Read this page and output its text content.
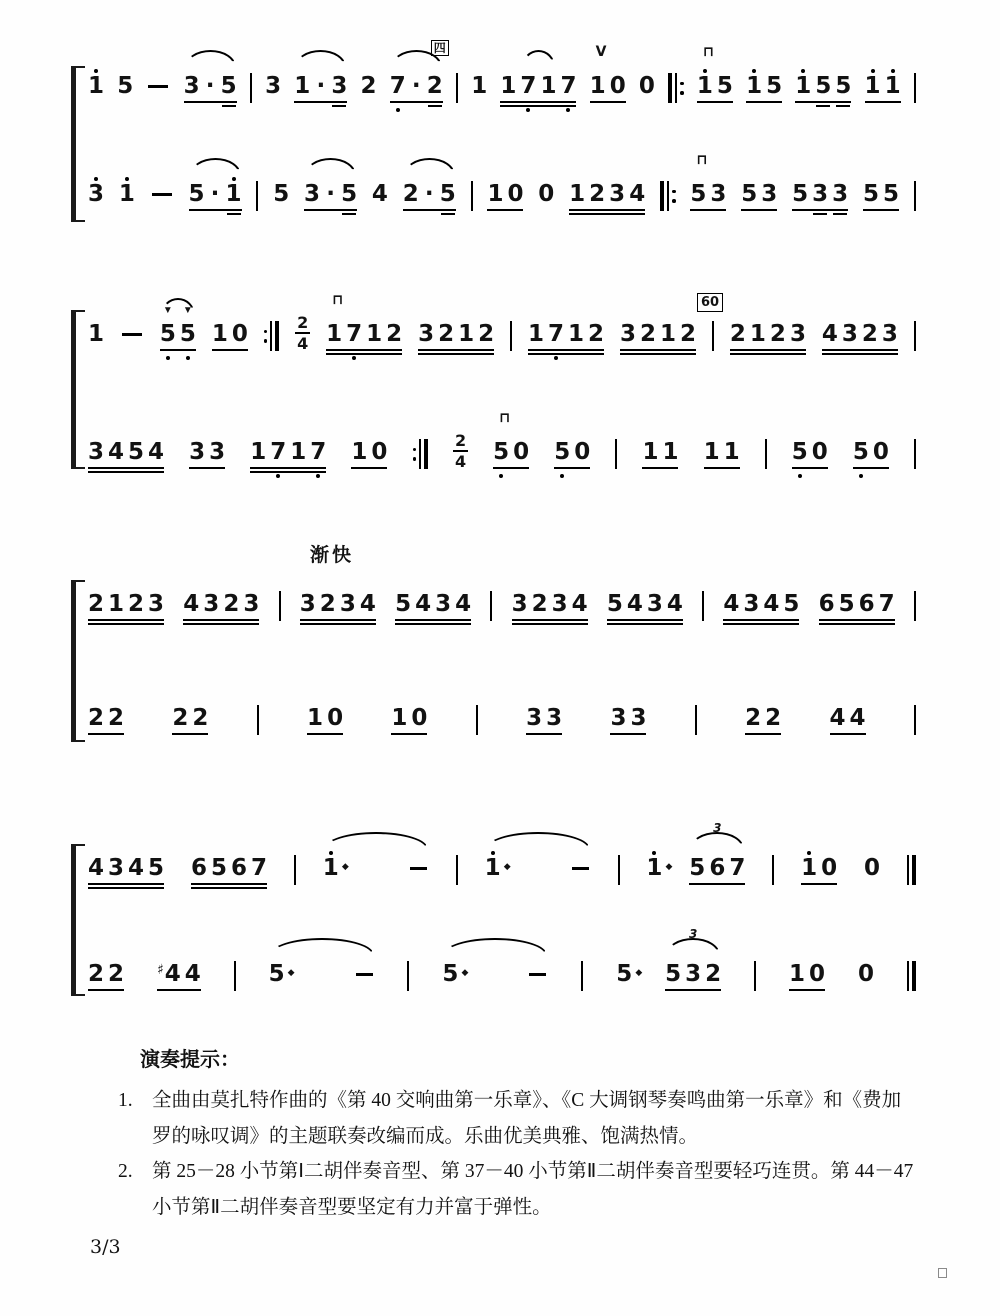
1 5 3 · 5 3 1 · 3 2
四
7 · 2 1 1 7 1 7
V
1 0 0
⊓
1 5 1 5 1 5 5 1 1
3 1 5 · 1 5 3 · 5 4 2 · 5 1 0 0 1 2 3 4
⊓
5 3 5 3 5 3 3 5 5
1
▼
5
▼
5 1 0	2
4
⊓
1 7 1 2 3 2 1 2 1 7 1 2 3 2 1 2
60
2 1 2 3 4 3 2 3
3 4 5 4 3 3 1 7 1 7 1 0	2
4
⊓
5 0 5 0 1 1 1 1 5 0 5 0
渐快
2 1 2 3 4 3 2 3 3 2 3 4 5 4 3 4 3 2 3 4 5 4 3 4 4 3 4 5 6 5 6 7
2 2 2 2	1 0 1 0	3 3 3 3	2 2 4 4
4 3 4 5 6 5 6 7 1 ◆	1 ◆	1 ◆
3
5 6 7 1 0 0
2 2 ♯4 4	5 ◆	5 ◆	5 ◆
3
5 3 2	1 0 0
演奏提示：
1. 全曲由莫扎特作曲的《第 40 交响曲第一乐章》、《C 大调钢琴奏鸣曲第一乐章》和《费加罗的咏叹调》的主题联奏改编而成。乐曲优美典雅、饱满热情。
2. 第 25－28 小节第Ⅰ二胡伴奏音型、第 37－40 小节第Ⅱ二胡伴奏音型要轻巧连贯。第 44－47 小节第Ⅱ二胡伴奏音型要坚定有力并富于弹性。
3/3
